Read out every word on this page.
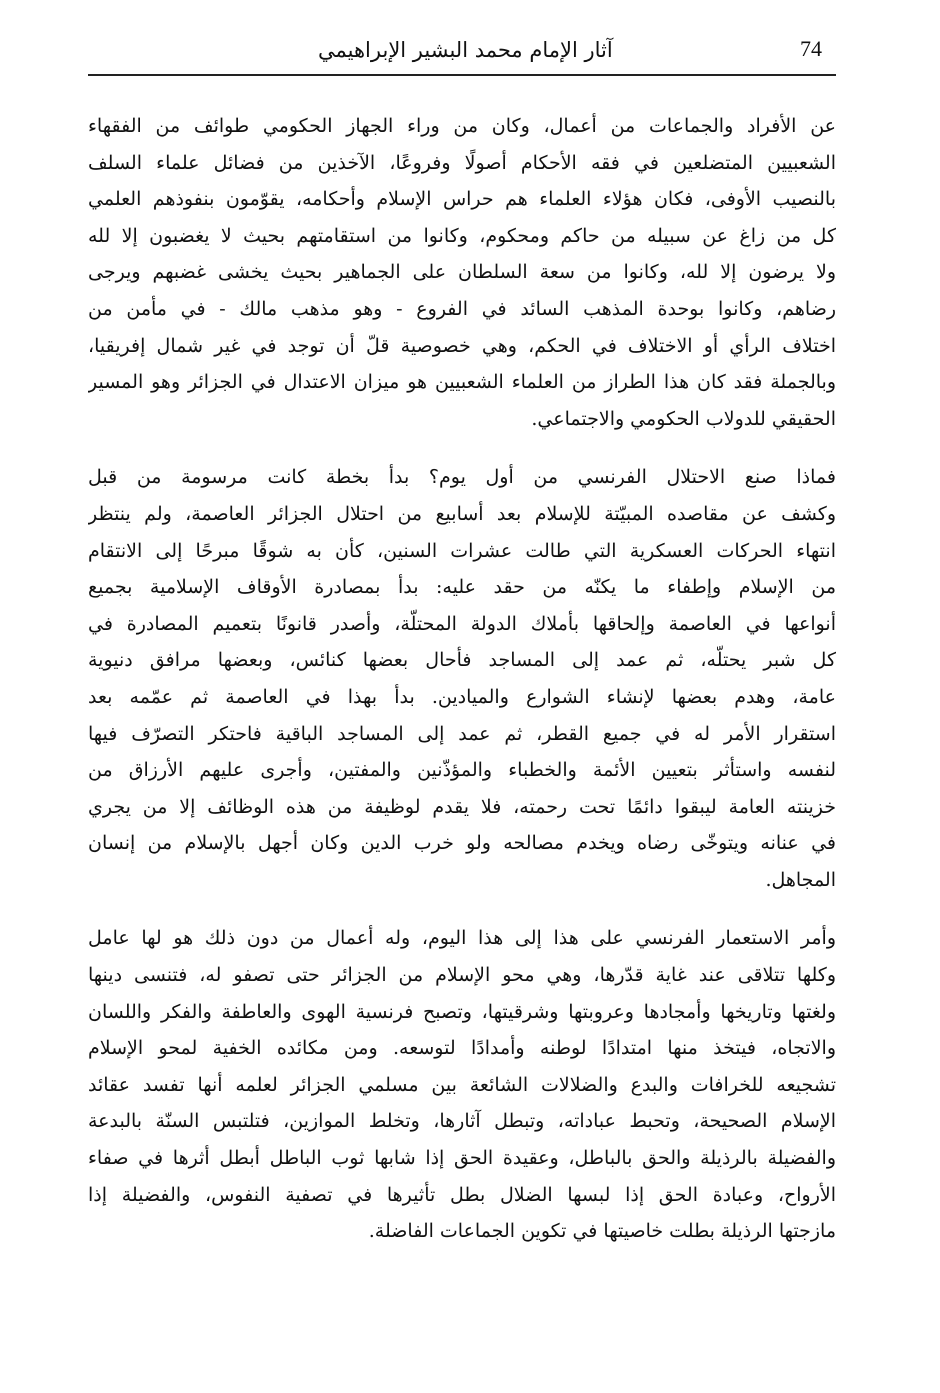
74
آثار الإمام محمد البشير الإبراهيمي
عن الأفراد والجماعات من أعمال، وكان من وراء الجهاز الحكومي طوائف من الفقهاء
الشعبيين المتضلعين في فقه الأحكام أصولًا وفروعًا، الآخذين من فضائل علماء السلف
بالنصيب الأوفى، فكان هؤلاء العلماء هم حراس الإسلام وأحكامه، يقوّمون بنفوذهم العلمي
كل من زاغ عن سبيله من حاكم ومحكوم، وكانوا من استقامتهم بحيث لا يغضبون إلا لله
ولا يرضون إلا لله، وكانوا من سعة السلطان على الجماهير بحيث يخشى غضبهم ويرجى
رضاهم، وكانوا بوحدة المذهب السائد في الفروع - وهو مذهب مالك - في مأمن من
اختلاف الرأي أو الاختلاف في الحكم، وهي خصوصية قلّ أن توجد في غير شمال إفريقيا،
وبالجملة فقد كان هذا الطراز من العلماء الشعبيين هو ميزان الاعتدال في الجزائر وهو المسير
الحقيقي للدولاب الحكومي والاجتماعي.
فماذا صنع الاحتلال الفرنسي من أول يوم؟ بدأ بخطة كانت مرسومة من قبل
وكشف عن مقاصده المبيّتة للإسلام بعد أسابيع من احتلال الجزائر العاصمة، ولم ينتظر
انتهاء الحركات العسكرية التي طالت عشرات السنين، كأن به شوقًا مبرحًا إلى الانتقام
من الإسلام وإطفاء ما يكنّه من حقد عليه: بدأ بمصادرة الأوقاف الإسلامية بجميع
أنواعها في العاصمة وإلحاقها بأملاك الدولة المحتلّة، وأصدر قانونًا بتعميم المصادرة في
كل شبر يحتلّه، ثم عمد إلى المساجد فأحال بعضها كنائس، وبعضها مرافق دنيوية
عامة، وهدم بعضها لإنشاء الشوارع والميادين. بدأ بهذا في العاصمة ثم عمّمه بعد
استقرار الأمر له في جميع القطر، ثم عمد إلى المساجد الباقية فاحتكر التصرّف فيها
لنفسه واستأثر بتعيين الأئمة والخطباء والمؤذّنين والمفتين، وأجرى عليهم الأرزاق من
خزينته العامة ليبقوا دائمًا تحت رحمته، فلا يقدم لوظيفة من هذه الوظائف إلا من يجري
في عنانه ويتوخّى رضاه ويخدم مصالحه ولو خرب الدين وكان أجهل بالإسلام من إنسان
المجاهل.
وأمر الاستعمار الفرنسي على هذا إلى هذا اليوم، وله أعمال من دون ذلك هو لها عامل
وكلها تتلاقى عند غاية قدّرها، وهي محو الإسلام من الجزائر حتى تصفو له، فتنسى دينها
ولغتها وتاريخها وأمجادها وعروبتها وشرقيتها، وتصبح فرنسية الهوى والعاطفة والفكر واللسان
والاتجاه، فيتخذ منها امتدادًا لوطنه وأمدادًا لتوسعه. ومن مكائده الخفية لمحو الإسلام
تشجيعه للخرافات والبدع والضلالات الشائعة بين مسلمي الجزائر لعلمه أنها تفسد عقائد
الإسلام الصحيحة، وتحبط عباداته، وتبطل آثارها، وتخلط الموازين، فتلتبس السنّة بالبدعة
والفضيلة بالرذيلة والحق بالباطل، وعقيدة الحق إذا شابها ثوب الباطل أبطل أثرها في صفاء
الأرواح، وعبادة الحق إذا لبسها الضلال بطل تأثيرها في تصفية النفوس، والفضيلة إذا
مازجتها الرذيلة بطلت خاصيتها في تكوين الجماعات الفاضلة.
